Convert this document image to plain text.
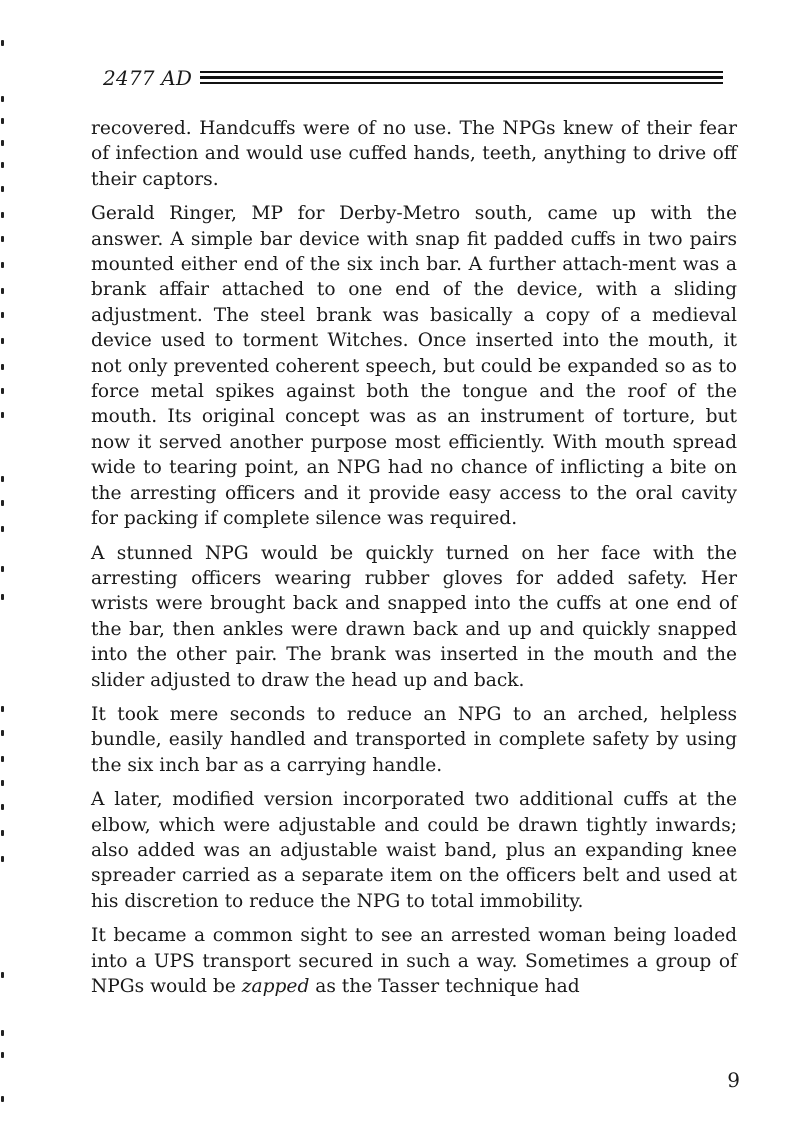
2477 AD

recovered. Handcuffs were of no use. The NPGs knew of their fear of infection and would use cuffed hands, teeth, anything to drive off their captors.

Gerald Ringer, MP for Derby-Metro south, came up with the answer. A simple bar device with snap fit padded cuffs in two pairs mounted either end of the six inch bar. A further attach-ment was a brank affair attached to one end of the device, with a sliding adjustment. The steel brank was basically a copy of a medieval device used to torment Witches. Once inserted into the mouth, it not only prevented coherent speech, but could be expanded so as to force metal spikes against both the tongue and the roof of the mouth. Its original concept was as an instrument of torture, but now it served another purpose most efficiently. With mouth spread wide to tearing point, an NPG had no chance of inflicting a bite on the arresting officers and it provide easy access to the oral cavity for packing if complete silence was required.

A stunned NPG would be quickly turned on her face with the arresting officers wearing rubber gloves for added safety. Her wrists were brought back and snapped into the cuffs at one end of the bar, then ankles were drawn back and up and quickly snapped into the other pair. The brank was inserted in the mouth and the slider adjusted to draw the head up and back.

It took mere seconds to reduce an NPG to an arched, helpless bundle, easily handled and transported in complete safety by using the six inch bar as a carrying handle.

A later, modified version incorporated two additional cuffs at the elbow, which were adjustable and could be drawn tightly inwards; also added was an adjustable waist band, plus an expanding knee spreader carried as a separate item on the officers belt and used at his discretion to reduce the NPG to total immobility.

It became a common sight to see an arrested woman being loaded into a UPS transport secured in such a way. Sometimes a group of NPGs would be zapped as the Tasser technique had

9
